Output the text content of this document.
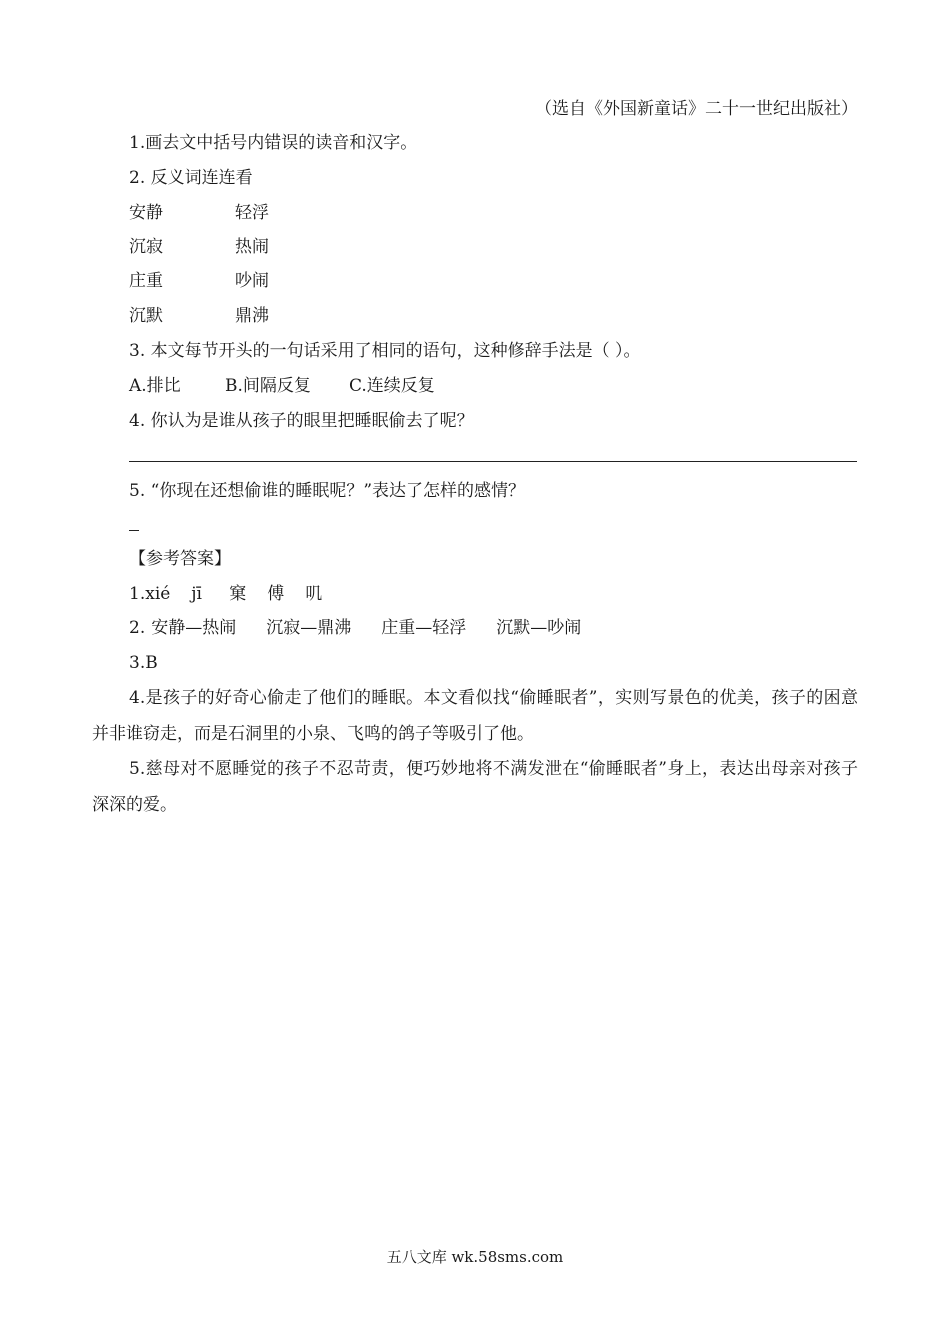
（选自《外国新童话》二十一世纪出版社）
1.画去文中括号内错误的读音和汉字。
2. 反义词连连看
安静	轻浮
沉寂	热闹
庄重	吵闹
沉默	鼎沸
3. 本文每节开头的一句话采用了相同的语句，这种修辞手法是（ ）。
A.排比	B.间隔反复 C.连续反复
4. 你认为是谁从孩子的眼里把睡眠偷去了呢？
5. “你现在还想偷谁的睡眠呢？”表达了怎样的感情？
【参考答案】
1.xié jī 窠 傅 叽
2. 安静—热闹 沉寂—鼎沸 庄重—轻浮 沉默—吵闹
3.B

4.是孩子的好奇心偷走了他们的睡眠。本文看似找“偷睡眠者”，实则写景色的优美，孩子的困意并非谁窃走，而是石洞里的小泉、飞鸣的鸽子等吸引了他。

5.慈母对不愿睡觉的孩子不忍苛责，便巧妙地将不满发泄在“偷睡眠者”身上，表达出母亲对孩子深深的爱。

五八文库 wk.58sms.com
